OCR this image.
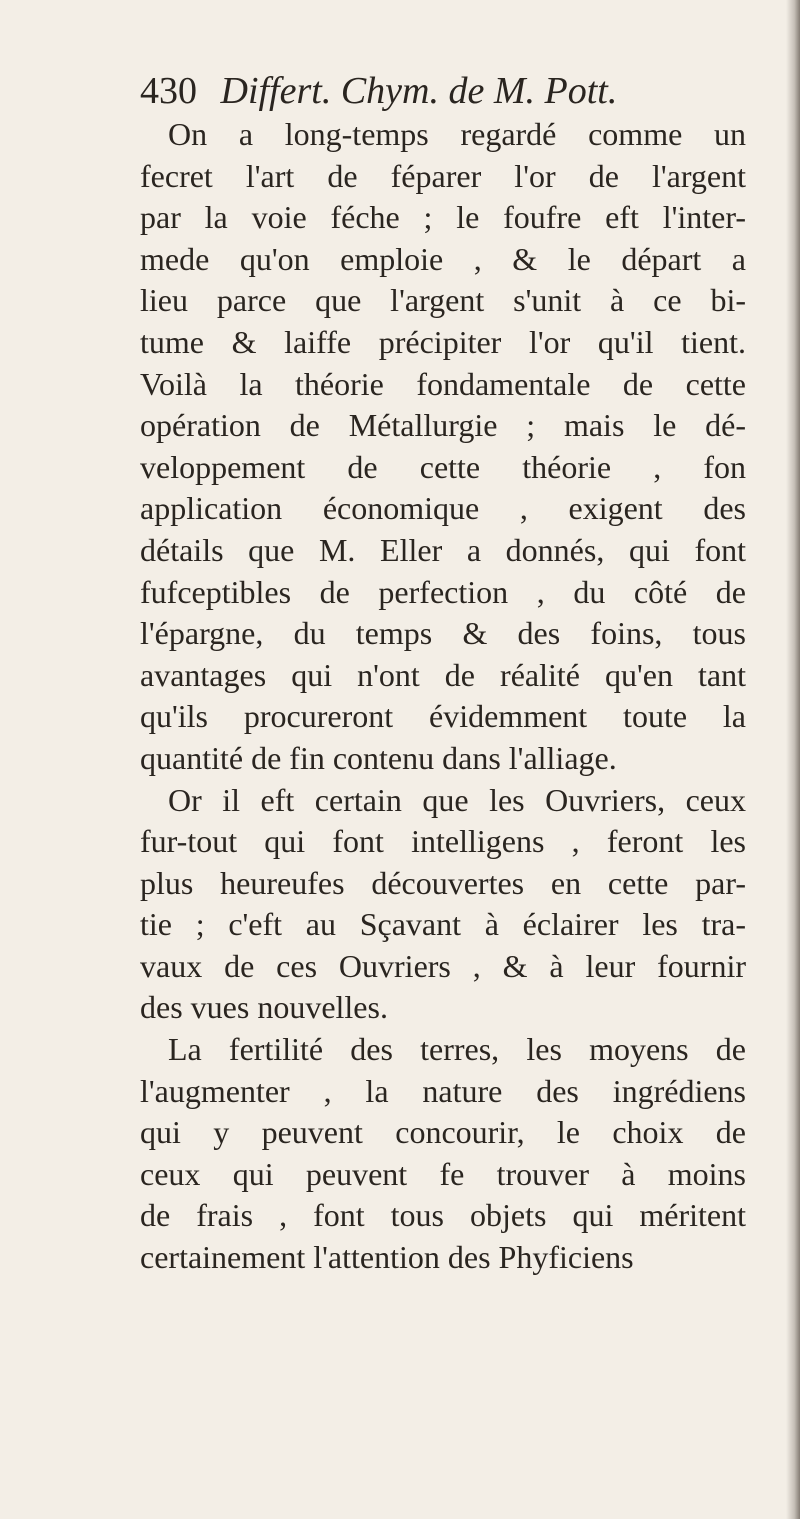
430 Differt. Chym. de M. Pott.
On a long-temps regardé comme un
fecret l'art de féparer l'or de l'argent
par la voie féche ; le foufre eft l'inter-
mede qu'on emploie , & le départ a
lieu parce que l'argent s'unit à ce bi-
tume & laiffe précipiter l'or qu'il tient.
Voilà la théorie fondamentale de cette
opération de Métallurgie ; mais le dé-
veloppement de cette théorie , fon
application économique , exigent des
détails que M. Eller a donnés, qui font
fufceptibles de perfection , du côté de
l'épargne, du temps & des foins, tous
avantages qui n'ont de réalité qu'en tant
qu'ils procureront évidemment toute la
quantité de fin contenu dans l'alliage.
Or il eft certain que les Ouvriers, ceux
fur-tout qui font intelligens , feront les
plus heureufes découvertes en cette par-
tie ; c'eft au Sçavant à éclairer les tra-
vaux de ces Ouvriers , & à leur fournir
des vues nouvelles.
La fertilité des terres, les moyens de
l'augmenter , la nature des ingrédiens
qui y peuvent concourir, le choix de
ceux qui peuvent fe trouver à moins
de frais , font tous objets qui méritent
certainement l'attention des Phyficiens
